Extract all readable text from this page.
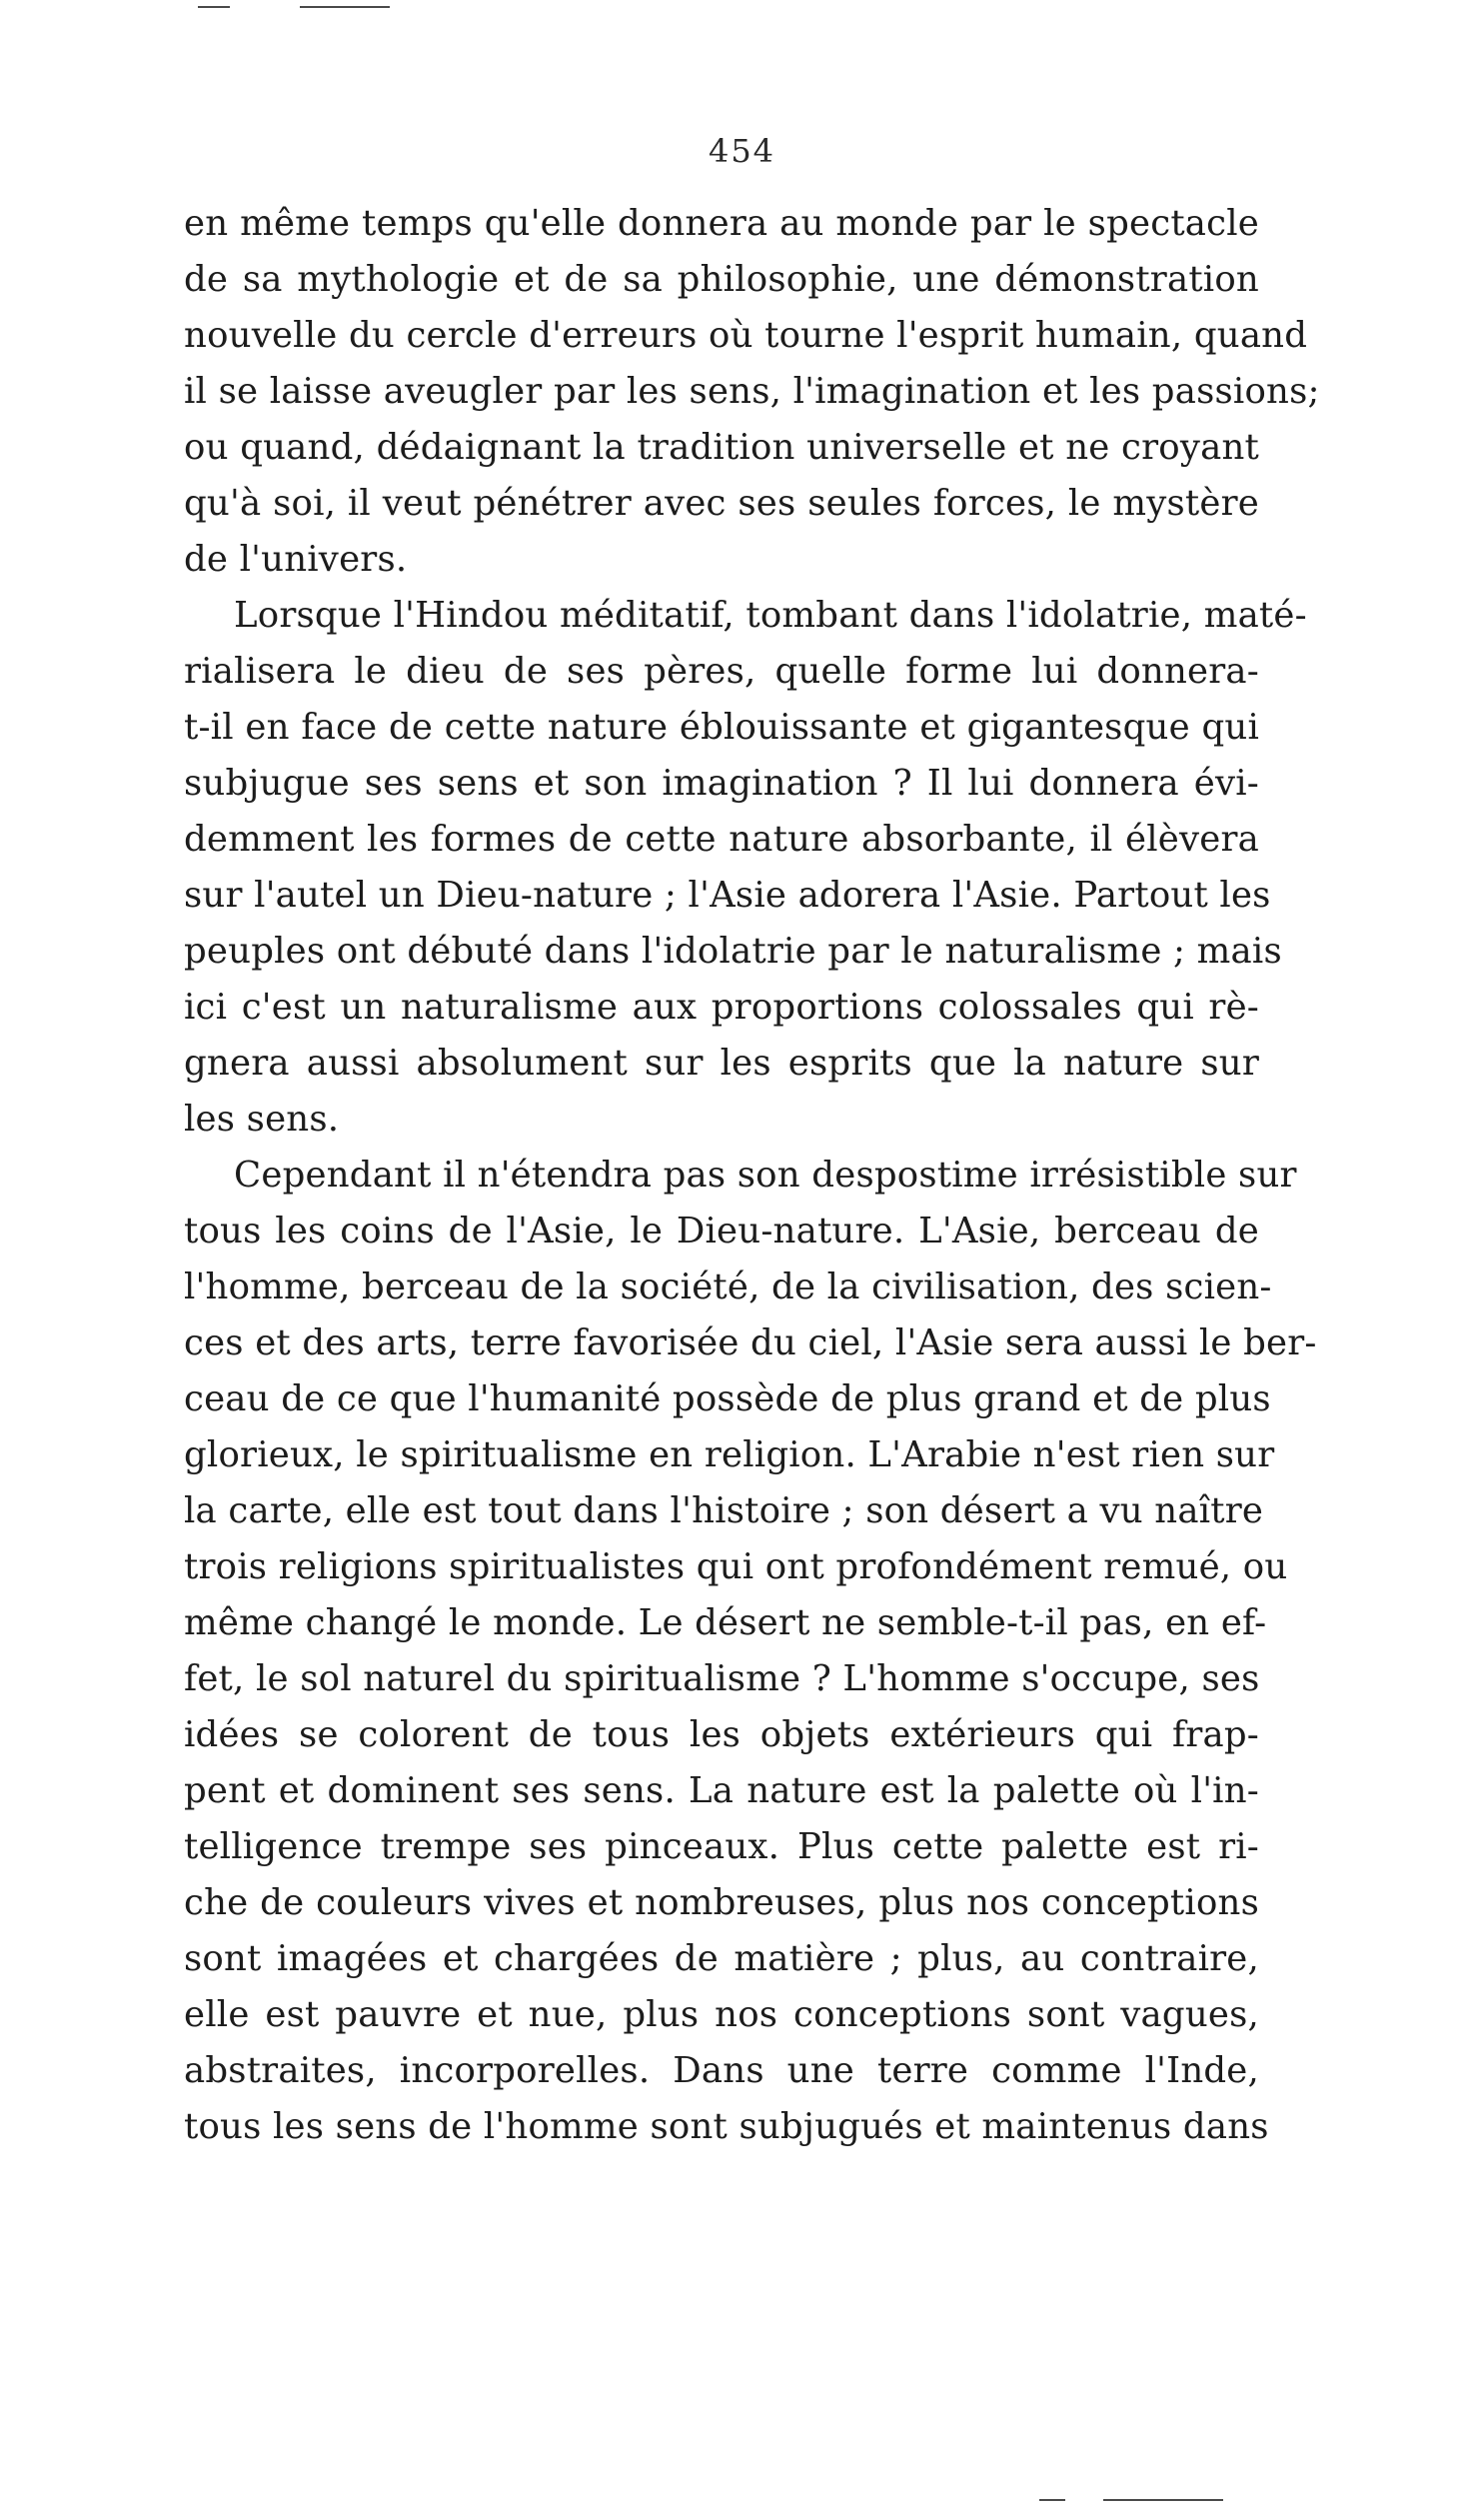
454
en même temps qu'elle donnera au monde par le spectacle
de sa mythologie et de sa philosophie, une démonstration
nouvelle du cercle d'erreurs où tourne l'esprit humain, quand
il se laisse aveugler par les sens, l'imagination et les passions;
ou quand, dédaignant la tradition universelle et ne croyant
qu'à soi, il veut pénétrer avec ses seules forces, le mystère
de l'univers.
Lorsque l'Hindou méditatif, tombant dans l'idolatrie, maté-
rialisera le dieu de ses pères, quelle forme lui donnera-
t-il en face de cette nature éblouissante et gigantesque qui
subjugue ses sens et son imagination ? Il lui donnera évi-
demment les formes de cette nature absorbante, il élèvera
sur l'autel un Dieu-nature ; l'Asie adorera l'Asie. Partout les
peuples ont débuté dans l'idolatrie par le naturalisme ; mais
ici c'est un naturalisme aux proportions colossales qui rè-
gnera aussi absolument sur les esprits que la nature sur
les sens.
Cependant il n'étendra pas son despostime irrésistible sur
tous les coins de l'Asie, le Dieu-nature. L'Asie, berceau de
l'homme, berceau de la société, de la civilisation, des scien-
ces et des arts, terre favorisée du ciel, l'Asie sera aussi le ber-
ceau de ce que l'humanité possède de plus grand et de plus
glorieux, le spiritualisme en religion. L'Arabie n'est rien sur
la carte, elle est tout dans l'histoire ; son désert a vu naître
trois religions spiritualistes qui ont profondément remué, ou
même changé le monde. Le désert ne semble-t-il pas, en ef-
fet, le sol naturel du spiritualisme ? L'homme s'occupe, ses
idées se colorent de tous les objets extérieurs qui frap-
pent et dominent ses sens. La nature est la palette où l'in-
telligence trempe ses pinceaux. Plus cette palette est ri-
che de couleurs vives et nombreuses, plus nos conceptions
sont imagées et chargées de matière ; plus, au contraire,
elle est pauvre et nue, plus nos conceptions sont vagues,
abstraites, incorporelles. Dans une terre comme l'Inde,
tous les sens de l'homme sont subjugués et maintenus dans
